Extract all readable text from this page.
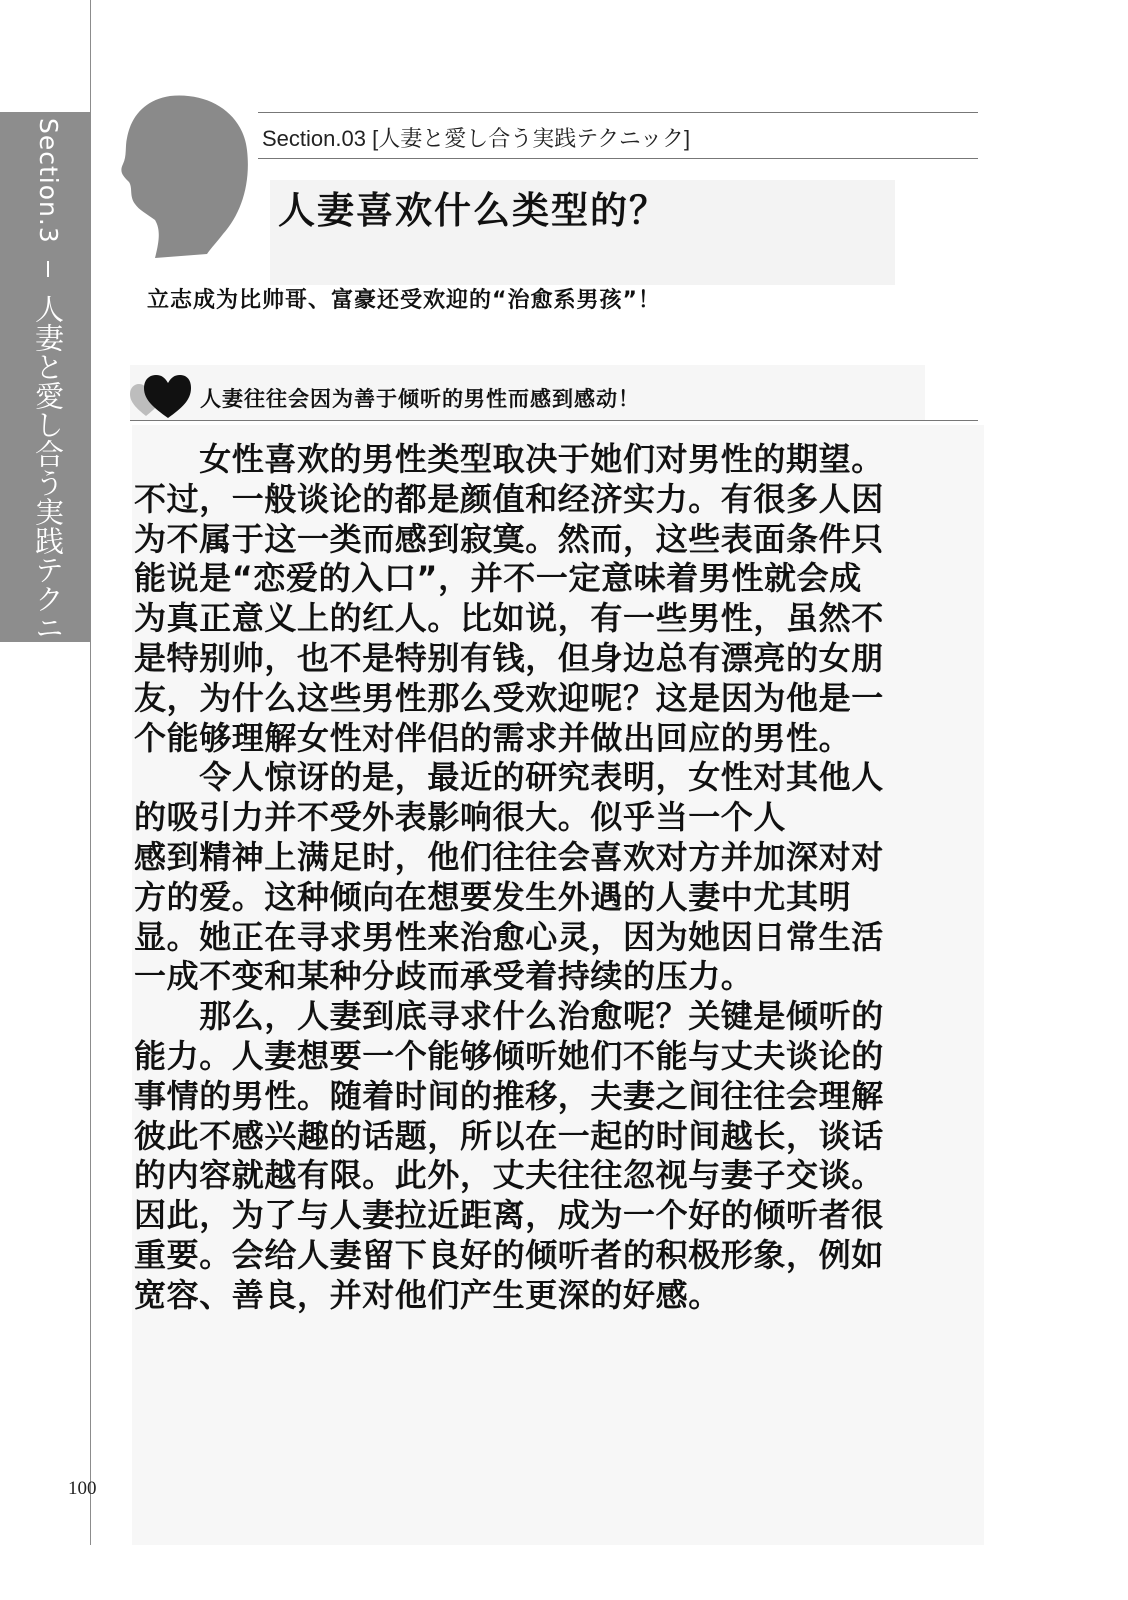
Section.3  人妻と愛し合う実践テクニック
Section.03 [人妻と愛し合う実践テクニック]
人妻喜欢什么类型的？
立志成为比帅哥、富豪还受欢迎的“治愈系男孩”！
人妻往往会因为善于倾听的男性而感到感动！
　　女性喜欢的男性类型取决于她们对男性的期望。
不过，一般谈论的都是颜值和经济实力。有很多人因
为不属于这一类而感到寂寞。然而，这些表面条件只
能说是“恋爱的入口”，并不一定意味着男性就会成
为真正意义上的红人。比如说，有一些男性，虽然不
是特别帅，也不是特别有钱，但身边总有漂亮的女朋
友，为什么这些男性那么受欢迎呢？这是因为他是一
个能够理解女性对伴侣的需求并做出回应的男性。
　　令人惊讶的是，最近的研究表明，女性对其他人
的吸引力并不受外表影响很大。似乎当一个人
感到精神上满足时，他们往往会喜欢对方并加深对对
方的爱。这种倾向在想要发生外遇的人妻中尤其明
显。她正在寻求男性来治愈心灵，因为她因日常生活
一成不变和某种分歧而承受着持续的压力。
　　那么，人妻到底寻求什么治愈呢？关键是倾听的
能力。人妻想要一个能够倾听她们不能与丈夫谈论的
事情的男性。随着时间的推移，夫妻之间往往会理解
彼此不感兴趣的话题，所以在一起的时间越长，谈话
的内容就越有限。此外，丈夫往往忽视与妻子交谈。
因此，为了与人妻拉近距离，成为一个好的倾听者很
重要。会给人妻留下良好的倾听者的积极形象，例如
宽容、善良，并对他们产生更深的好感。
100
